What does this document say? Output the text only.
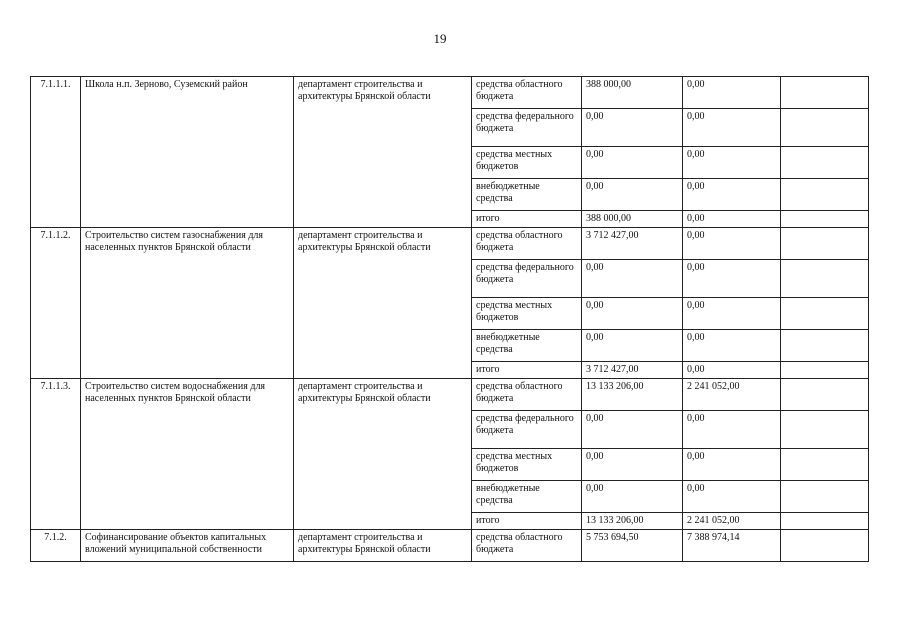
19
7.1.1.1.	Школа н.п. Зерново, Суземский район	департамент строительства и архитектуры Брянской области	средства областного бюджета	388 000,00	0,00	
			средства федерального бюджета	0,00	0,00	
			средства местных бюджетов	0,00	0,00	
			внебюджетные средства	0,00	0,00	
			итого	388 000,00	0,00	
7.1.1.2.	Строительство систем газоснабжения для населенных пунктов Брянской области	департамент строительства и архитектуры Брянской области	средства областного бюджета	3 712 427,00	0,00	
			средства федерального бюджета	0,00	0,00	
			средства местных бюджетов	0,00	0,00	
			внебюджетные средства	0,00	0,00	
			итого	3 712 427,00	0,00	
7.1.1.3.	Строительство систем водоснабжения для населенных пунктов Брянской области	департамент строительства и архитектуры Брянской области	средства областного бюджета	13 133 206,00	2 241 052,00	
			средства федерального бюджета	0,00	0,00	
			средства местных бюджетов	0,00	0,00	
			внебюджетные средства	0,00	0,00	
			итого	13 133 206,00	2 241 052,00	
7.1.2.	Софинансирование объектов капитальных вложений муниципальной собственности	департамент строительства и архитектуры Брянской области	средства областного бюджета	5 753 694,50	7 388 974,14	
